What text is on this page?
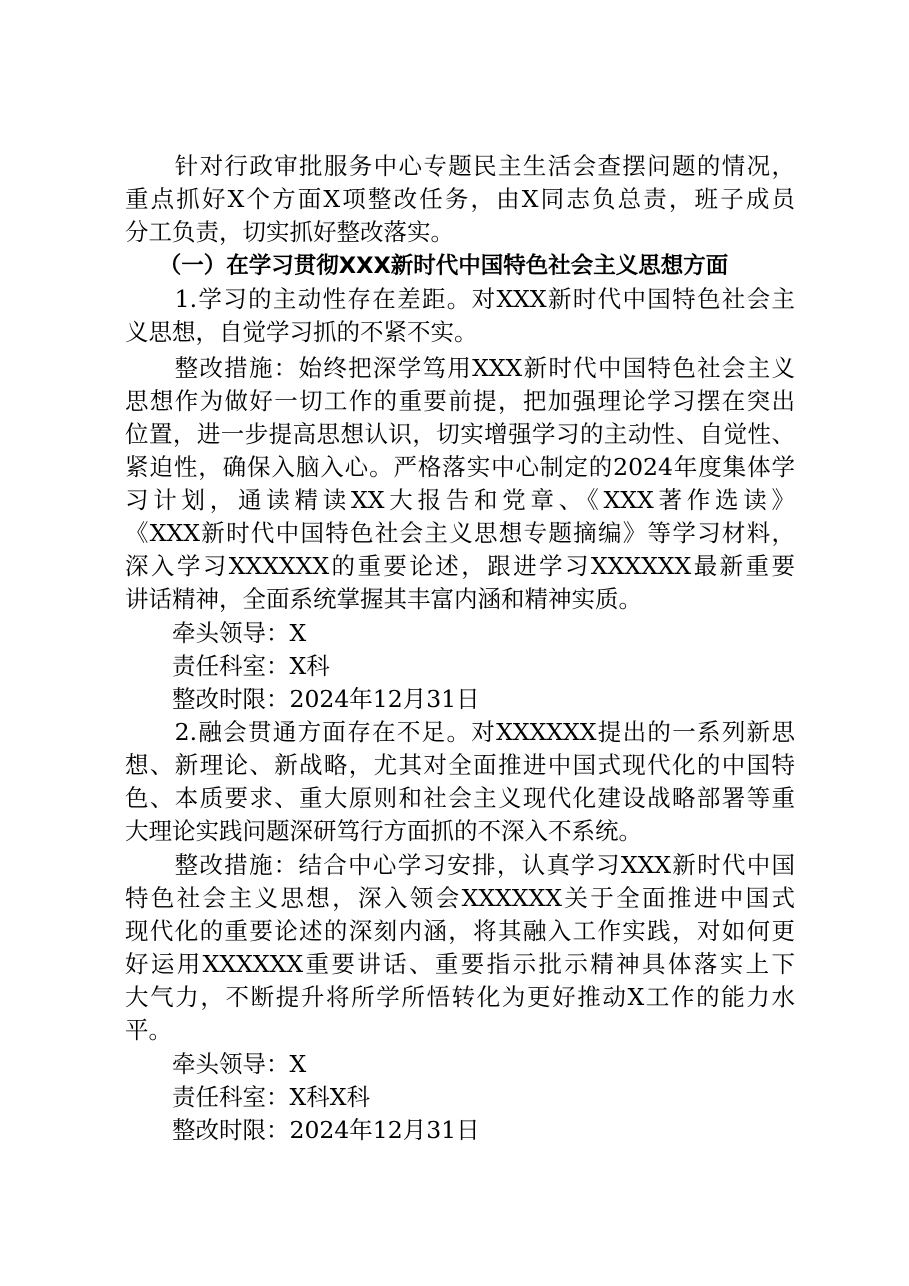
　　针对行政审批服务中心专题民主生活会查摆问题的情况，
重点抓好X个方面X项整改任务，由X同志负总责，班子成员
分工负责，切实抓好整改落实。
　　（一）在学习贯彻XXX新时代中国特色社会主义思想方面
　　1.学习的主动性存在差距。对XXX新时代中国特色社会主
义思想，自觉学习抓的不紧不实。
　　整改措施：始终把深学笃用XXX新时代中国特色社会主义
思想作为做好一切工作的重要前提，把加强理论学习摆在突出
位置，进一步提高思想认识，切实增强学习的主动性、自觉性、
紧迫性，确保入脑入心。严格落实中心制定的2024年度集体学
习计划，通读精读XX大报告和党章、《XXX著作选读》
《XXX新时代中国特色社会主义思想专题摘编》等学习材料，
深入学习XXXXXX的重要论述，跟进学习XXXXXX最新重要
讲话精神，全面系统掌握其丰富内涵和精神实质。
　　牵头领导：X
　　责任科室：X科
　　整改时限：2024年12月31日
　　2.融会贯通方面存在不足。对XXXXXX提出的一系列新思
想、新理论、新战略，尤其对全面推进中国式现代化的中国特
色、本质要求、重大原则和社会主义现代化建设战略部署等重
大理论实践问题深研笃行方面抓的不深入不系统。
　　整改措施：结合中心学习安排，认真学习XXX新时代中国
特色社会主义思想，深入领会XXXXXX关于全面推进中国式
现代化的重要论述的深刻内涵，将其融入工作实践，对如何更
好运用XXXXXX重要讲话、重要指示批示精神具体落实上下
大气力，不断提升将所学所悟转化为更好推动X工作的能力水
平。
　　牵头领导：X
　　责任科室：X科X科
　　整改时限：2024年12月31日
